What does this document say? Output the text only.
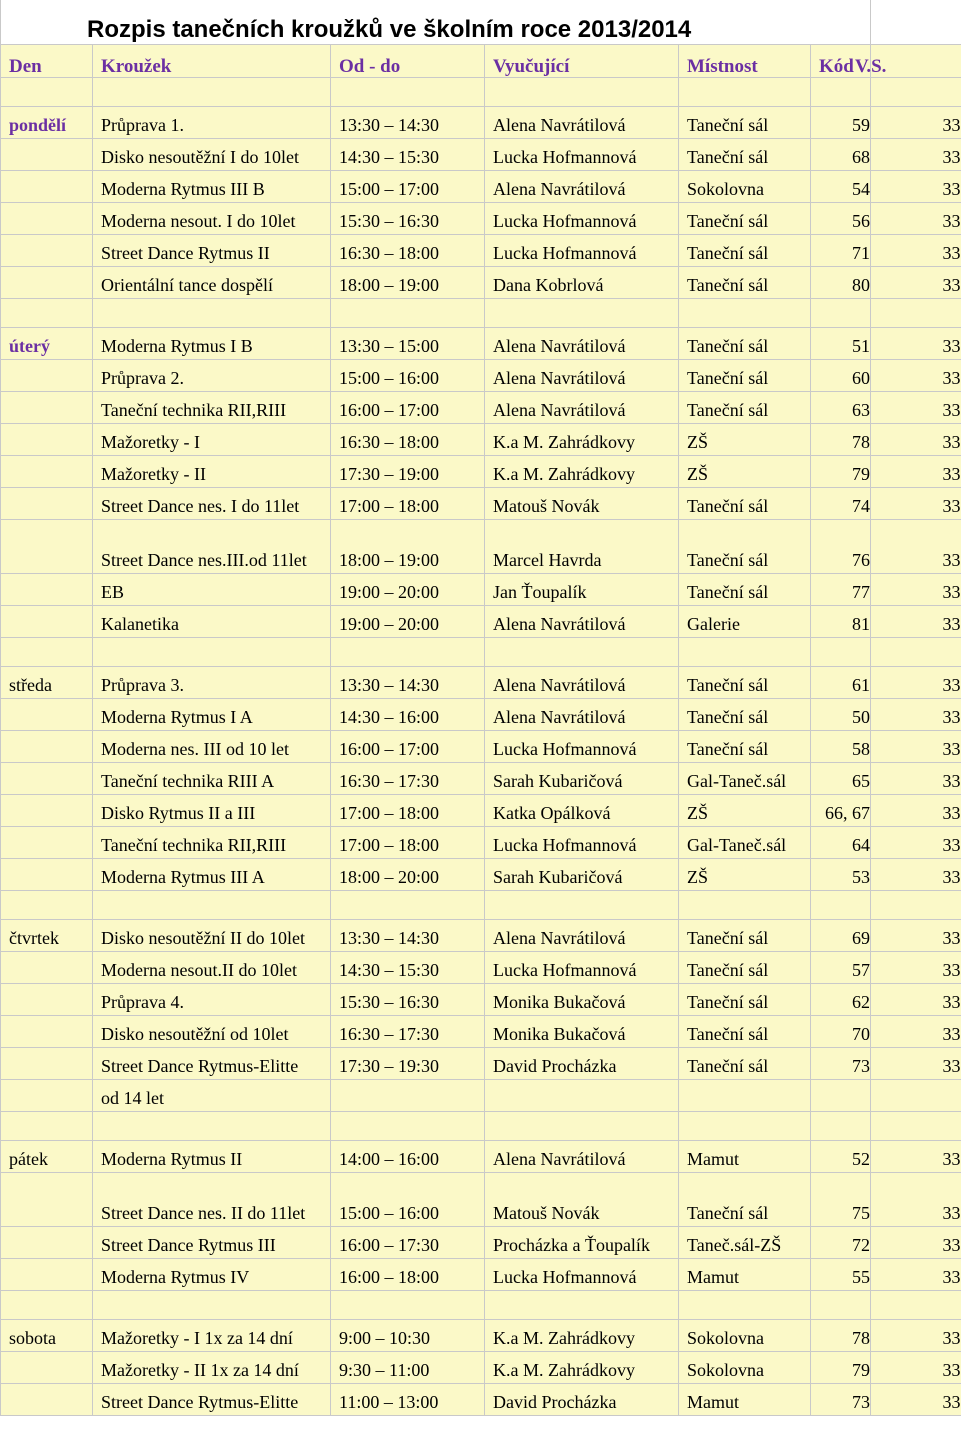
Rozpis tanečních kroužků ve školním roce 2013/2014						
Den	Kroužek	Od - do	Vyučující	Místnost	Kód	V.S.

pondělí	Průprava 1.	13:30 – 14:30	Alena Navrátilová	Taneční sál	59	33
	Disko nesoutěžní I do 10let	14:30 – 15:30	Lucka Hofmannová	Taneční sál	68	33
	Moderna Rytmus III B	15:00 – 17:00	Alena Navrátilová	Sokolovna	54	33
	Moderna nesout. I do 10let	15:30 – 16:30	Lucka Hofmannová	Taneční sál	56	33
	Street Dance Rytmus II	16:30 – 18:00	Lucka Hofmannová	Taneční sál	71	33
	Orientální tance dospělí	18:00 – 19:00	Dana Kobrlová	Taneční sál	80	33

úterý	Moderna Rytmus I B	13:30 – 15:00	Alena Navrátilová	Taneční sál	51	33
	Průprava 2.	15:00 – 16:00	Alena Navrátilová	Taneční sál	60	33
	Taneční technika RII,RIII	16:00 – 17:00	Alena Navrátilová	Taneční sál	63	33
	Mažoretky - I	16:30 – 18:00	K.a M. Zahrádkovy	ZŠ	78	33
	Mažoretky - II	17:30 – 19:00	K.a M. Zahrádkovy	ZŠ	79	33
	Street Dance nes. I do 11let	17:00 – 18:00	Matouš Novák	Taneční sál	74	33
	Street Dance nes.III.od 11let	18:00 – 19:00	Marcel Havrda	Taneční sál	76	33
	EB	19:00 – 20:00	Jan Ťoupalík	Taneční sál	77	33
	Kalanetika	19:00 – 20:00	Alena Navrátilová	Galerie	81	33

středa	Průprava 3.	13:30 – 14:30	Alena Navrátilová	Taneční sál	61	33
	Moderna Rytmus I A	14:30 – 16:00	Alena Navrátilová	Taneční sál	50	33
	Moderna nes. III od 10 let	16:00 – 17:00	Lucka Hofmannová	Taneční sál	58	33
	Taneční technika RIII A	16:30 – 17:30	Sarah Kubaričová	Gal-Taneč.sál	65	33
	Disko Rytmus II a III	17:00 – 18:00	Katka Opálková	ZŠ	66, 67	33
	Taneční technika RII,RIII	17:00 – 18:00	Lucka Hofmannová	Gal-Taneč.sál	64	33
	Moderna Rytmus III A	18:00 – 20:00	Sarah Kubaričová	ZŠ	53	33

čtvrtek	Disko nesoutěžní II do 10let	13:30 – 14:30	Alena Navrátilová	Taneční sál	69	33
	Moderna nesout.II do 10let	14:30 – 15:30	Lucka Hofmannová	Taneční sál	57	33
	Průprava 4.	15:30 – 16:30	Monika Bukačová	Taneční sál	62	33
	Disko nesoutěžní od 10let	16:30 – 17:30	Monika Bukačová	Taneční sál	70	33
	Street Dance Rytmus-Elitte	17:30 – 19:30	David Procházka	Taneční sál	73	33
	od 14 let					

pátek	Moderna Rytmus II	14:00 – 16:00	Alena Navrátilová	Mamut	52	33
	Street Dance nes. II do 11let	15:00 – 16:00	Matouš Novák	Taneční sál	75	33
	Street Dance Rytmus III	16:00 – 17:30	Procházka a Ťoupalík	Taneč.sál-ZŠ	72	33
	Moderna Rytmus IV	16:00 – 18:00	Lucka Hofmannová	Mamut	55	33

sobota	Mažoretky - I 1x za 14 dní	9:00 – 10:30	K.a M. Zahrádkovy	Sokolovna	78	33
	Mažoretky - II 1x za 14 dní	9:30 – 11:00	K.a M. Zahrádkovy	Sokolovna	79	33
	Street Dance Rytmus-Elitte	11:00 – 13:00	David Procházka	Mamut	73	33
